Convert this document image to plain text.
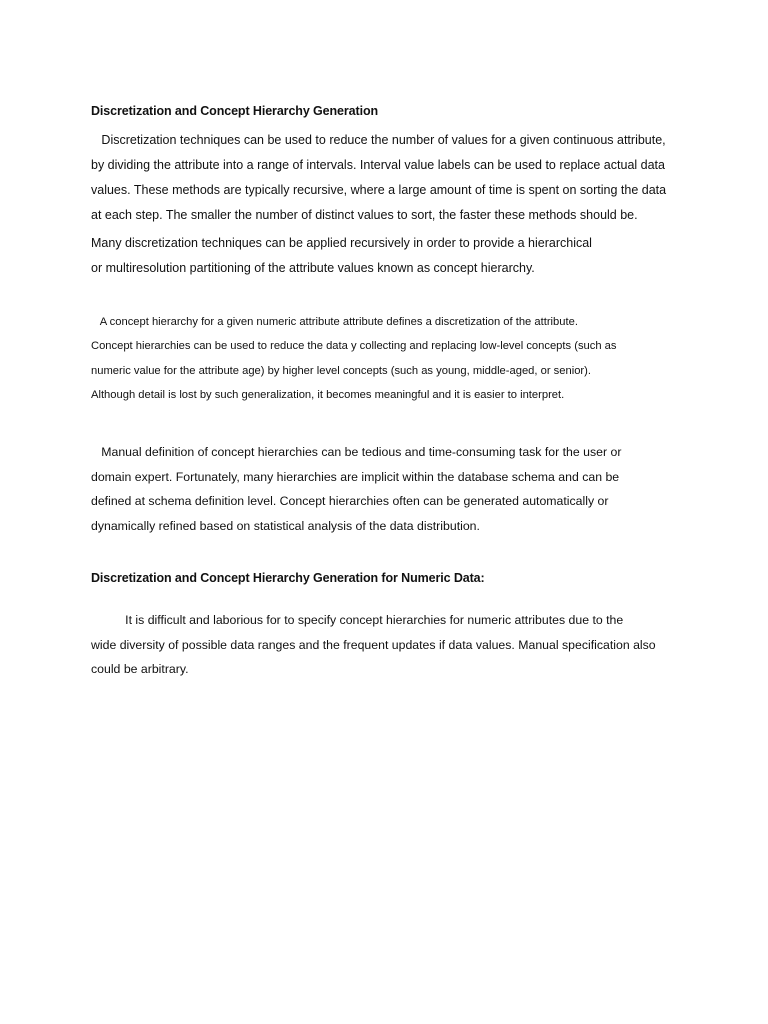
Discretization and Concept Hierarchy Generation
Discretization techniques can be used to reduce the number of values for a given continuous attribute,
by dividing the attribute into a range of intervals. Interval value labels can be used to replace actual data
values. These methods are typically recursive, where a large amount of time is spent on sorting the data
at each step. The smaller the number of distinct values to sort, the faster these methods should be.
Many discretization techniques can be applied recursively in order to provide a hierarchical
or multiresolution partitioning of the attribute values known as concept hierarchy.
A concept hierarchy for a given numeric attribute attribute defines a discretization of the attribute.
Concept hierarchies can be used to reduce the data y collecting and replacing low-level concepts (such as
numeric value for the attribute age) by higher level concepts (such as young, middle-aged, or senior).
Although detail is lost by such generalization, it becomes meaningful and it is easier to interpret.
Manual definition of concept hierarchies can be tedious and time-consuming task for the user or
domain expert. Fortunately, many hierarchies are implicit within the database schema and can be
defined at schema definition level. Concept hierarchies often can be generated automatically or
dynamically refined based on statistical analysis of the data distribution.
Discretization and Concept Hierarchy Generation for Numeric Data:
It is difficult and laborious for to specify concept hierarchies for numeric attributes due to the
wide diversity of possible data ranges and the frequent updates if data values. Manual specification also
could be arbitrary.
